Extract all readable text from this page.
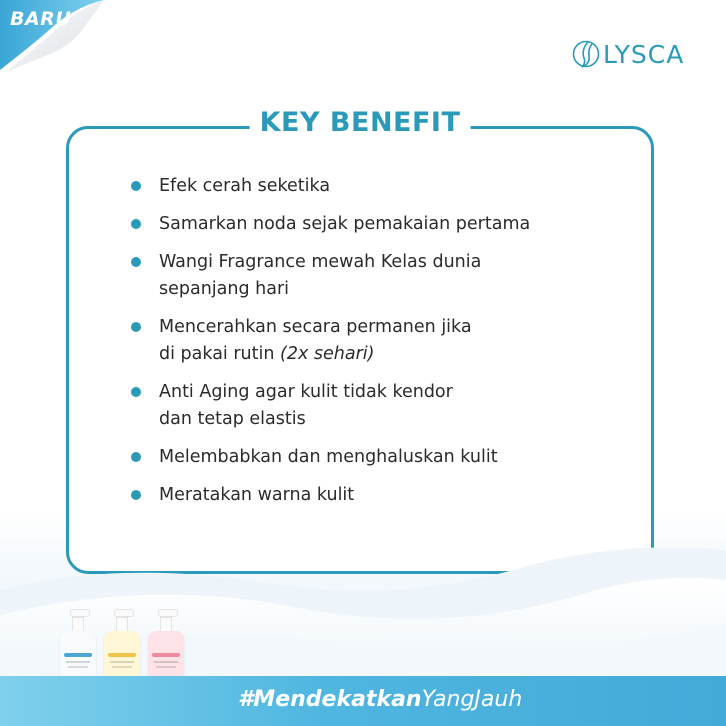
BARU
LYSCA
KEY BENEFIT
Efek cerah seketika
Samarkan noda sejak pemakaian pertama
Wangi Fragrance mewah Kelas dunia
sepanjang hari
Mencerahkan secara permanen jika
di pakai rutin (2x sehari)
Anti Aging agar kulit tidak kendor
dan tetap elastis
Melembabkan dan menghaluskan kulit
Meratakan warna kulit
#Mendekatkan YangJauh
